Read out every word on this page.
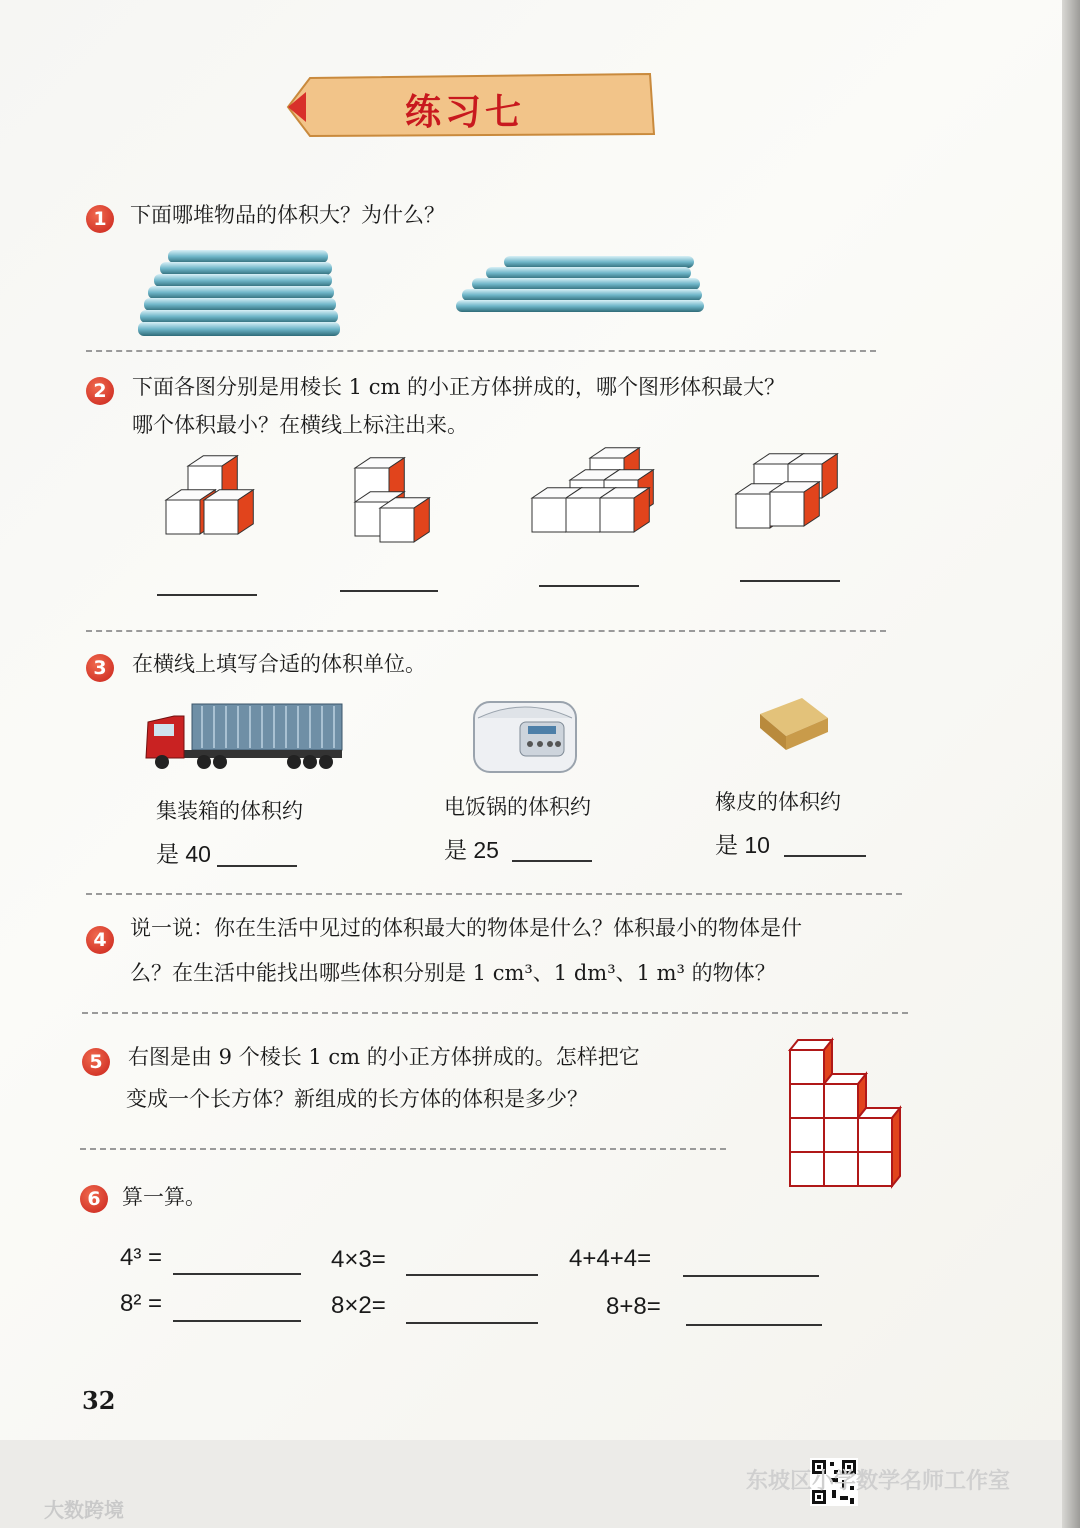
练习七
1	下面哪堆物品的体积大？为什么？
2	下面各图分别是用棱长 1 cm 的小正方体拼成的，哪个图形体积最大？
哪个体积最小？在横线上标注出来。
3	在横线上填写合适的体积单位。
集装箱的体积约
是 40
电饭锅的体积约
是 25
橡皮的体积约
是 10
4	说一说：你在生活中见过的体积最大的物体是什么？体积最小的物体是什
么？在生活中能找出哪些体积分别是 1 cm³、1 dm³、1 m³ 的物体？
5	右图是由 9 个棱长 1 cm 的小正方体拼成的。怎样把它
变成一个长方体？新组成的长方体的体积是多少？
6	算一算。
4³ =	4×3=	4+4+4=
8² =	8×2=	8+8=
32
大数跨境
东坡区小学数学名师工作室
